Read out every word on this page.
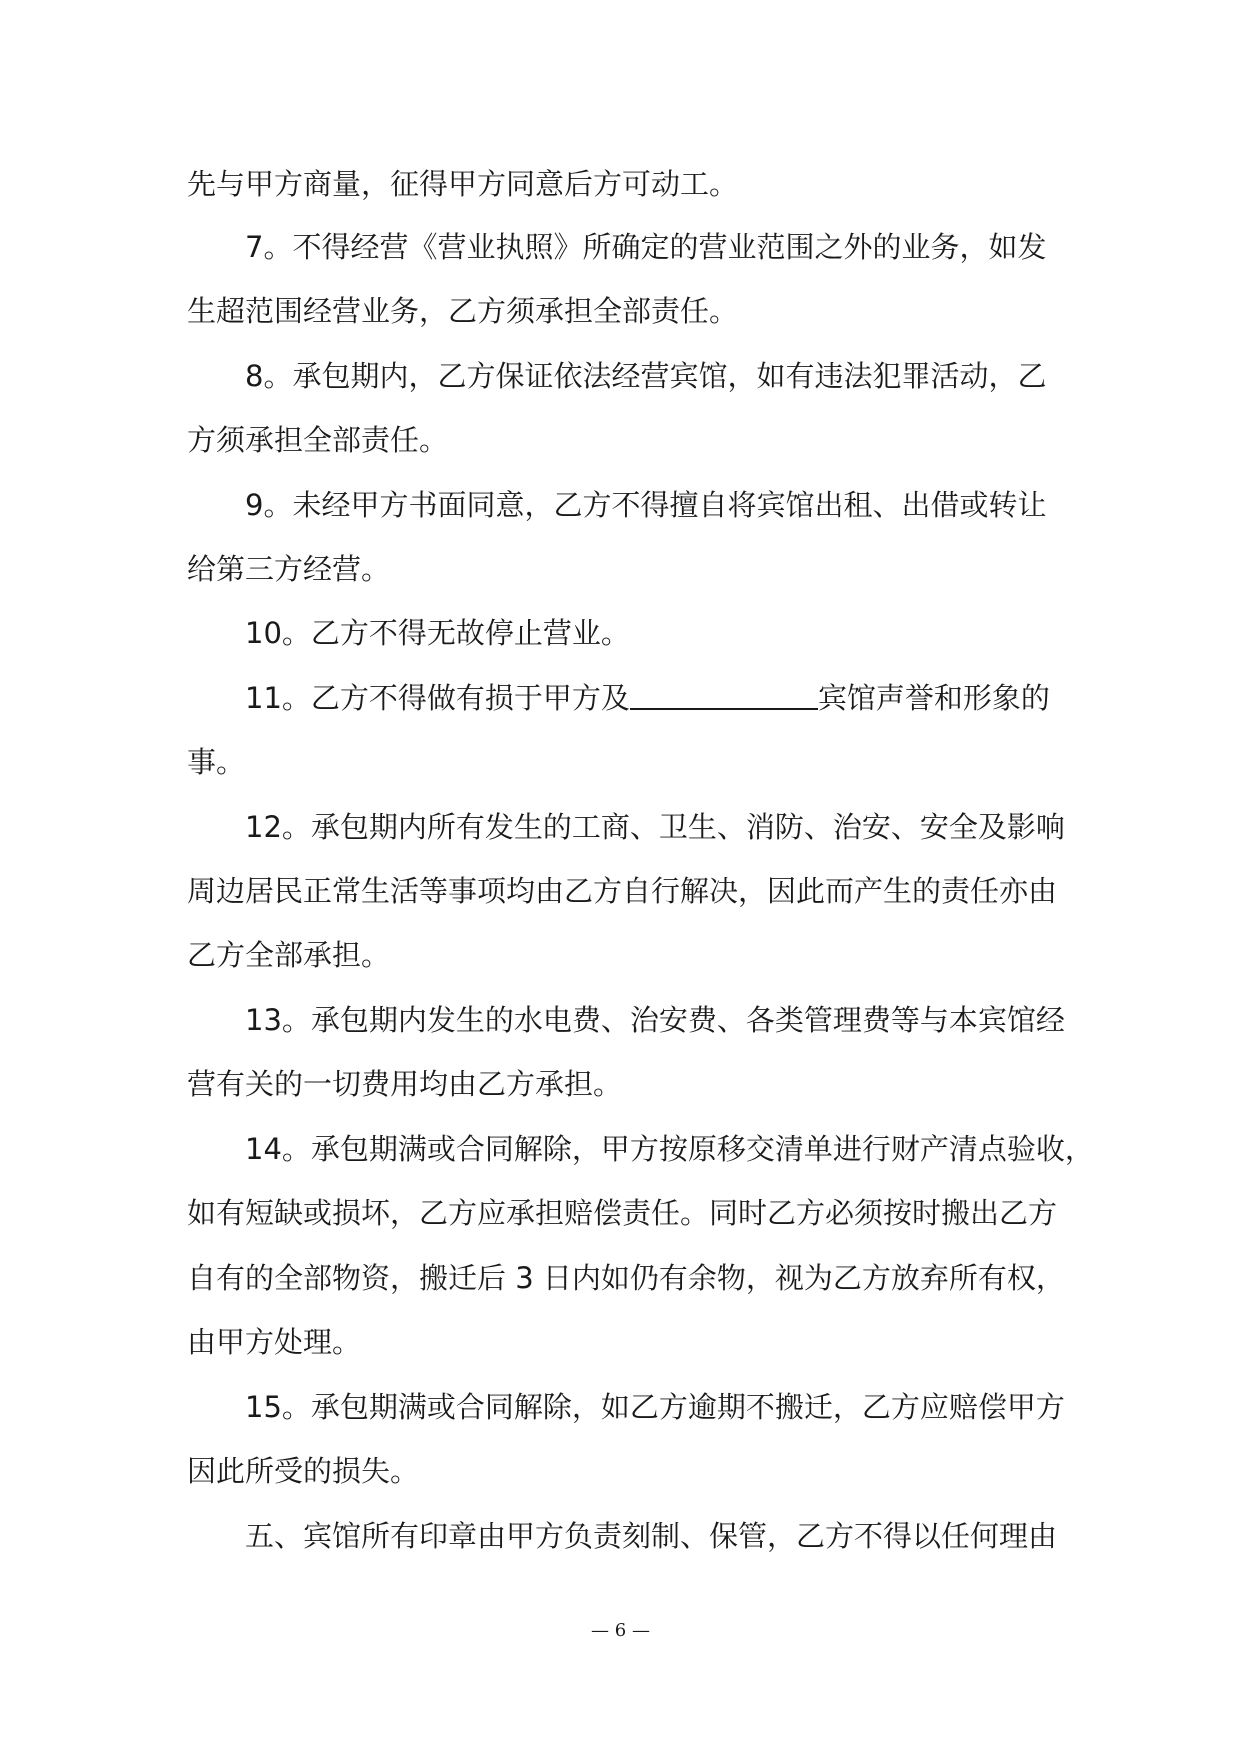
先与甲方商量，征得甲方同意后方可动工。
7。不得经营《营业执照》所确定的营业范围之外的业务，如发
生超范围经营业务，乙方须承担全部责任。
8。承包期内，乙方保证依法经营宾馆，如有违法犯罪活动，乙
方须承担全部责任。
9。未经甲方书面同意，乙方不得擅自将宾馆出租、出借或转让
给第三方经营。
10。乙方不得无故停止营业。
11。乙方不得做有损于甲方及	宾馆声誉和形象的
事。
12。承包期内所有发生的工商、卫生、消防、治安、安全及影响
周边居民正常生活等事项均由乙方自行解决，因此而产生的责任亦由
乙方全部承担。
13。承包期内发生的水电费、治安费、各类管理费等与本宾馆经
营有关的一切费用均由乙方承担。
14。承包期满或合同解除，甲方按原移交清单进行财产清点验收，
如有短缺或损坏，乙方应承担赔偿责任。同时乙方必须按时搬出乙方
自有的全部物资，搬迁后 3 日内如仍有余物，视为乙方放弃所有权，
由甲方处理。
15。承包期满或合同解除，如乙方逾期不搬迁，乙方应赔偿甲方
因此所受的损失。
五、宾馆所有印章由甲方负责刻制、保管，乙方不得以任何理由
— 6 —
